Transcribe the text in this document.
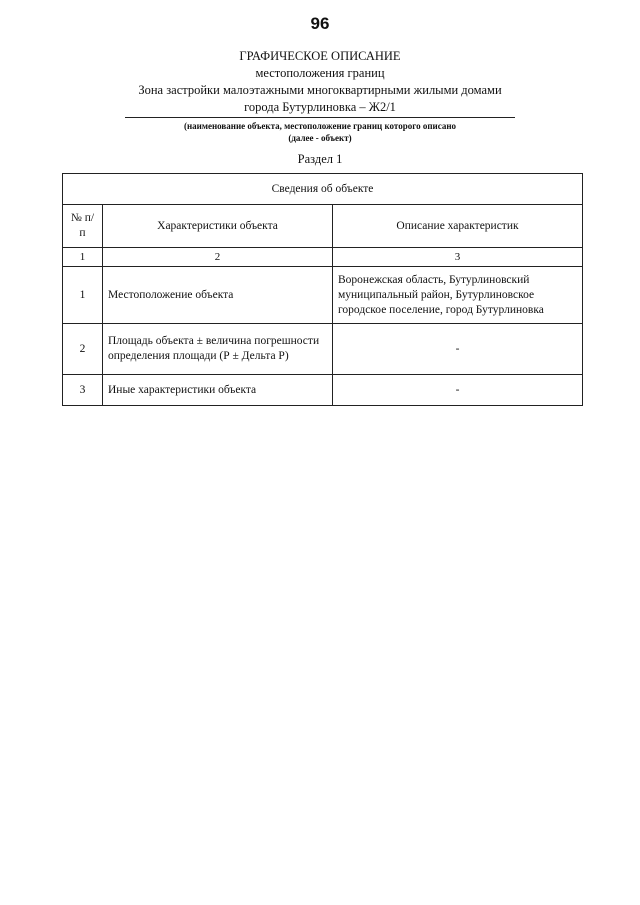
96
ГРАФИЧЕСКОЕ ОПИСАНИЕ
местоположения границ
Зона застройки малоэтажными многоквартирными жилыми домами
города Бутурлиновка – Ж2/1
(наименование объекта, местоположение границ которого описано
(далее - объект)
Раздел 1
Сведения об объекте		
№ п/п	Характеристики объекта	Описание характеристик
1	2	3
1	Местоположение объекта	Воронежская область, Бутурлиновский муниципальный район, Бутурлиновское городское поселение, город Бутурлиновка
2	Площадь объекта ± величина погрешности определения площади (Р ± Дельта Р)	-
3	Иные характеристики объекта	-
